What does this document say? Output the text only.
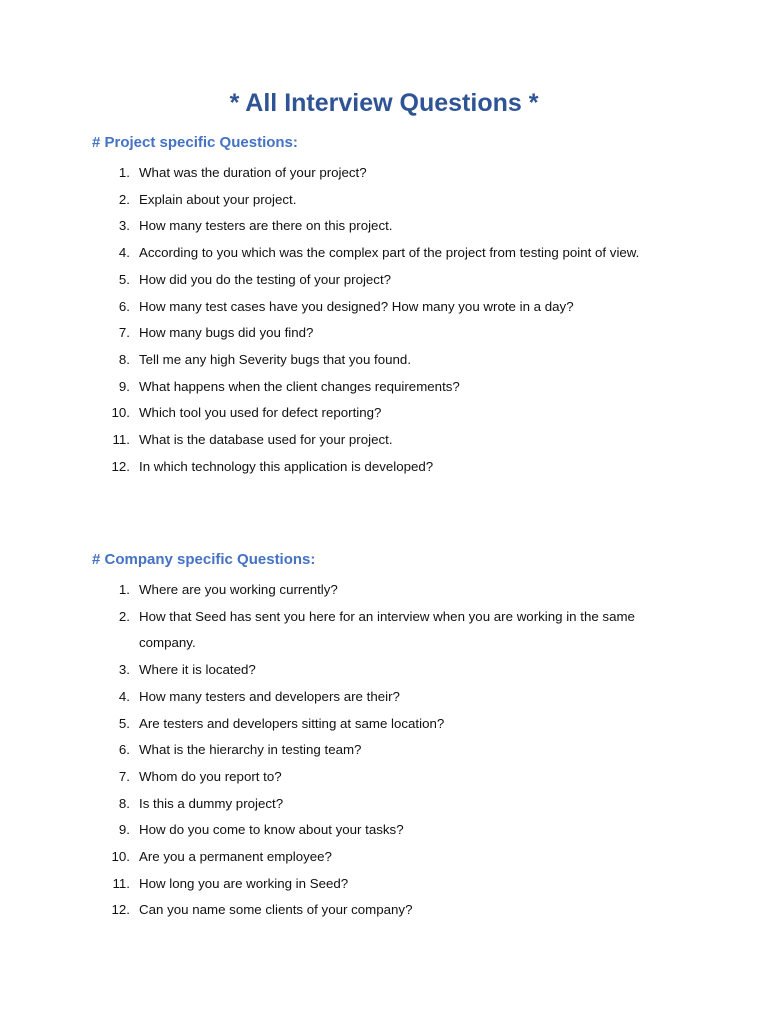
* All Interview Questions *
# Project specific Questions:
1. What was the duration of your project?
2. Explain about your project.
3. How many testers are there on this project.
4. According to you which was the complex part of the project from testing point of view.
5. How did you do the testing of your project?
6. How many test cases have you designed? How many you wrote in a day?
7. How many bugs did you find?
8. Tell me any high Severity bugs that you found.
9. What happens when the client changes requirements?
10. Which tool you used for defect reporting?
11. What is the database used for your project.
12. In which technology this application is developed?
# Company specific Questions:
1. Where are you working currently?
2. How that Seed has sent you here for an interview when you are working in the same company.
3. Where it is located?
4. How many testers and developers are their?
5. Are testers and developers sitting at same location?
6. What is the hierarchy in testing team?
7. Whom do you report to?
8. Is this a dummy project?
9. How do you come to know about your tasks?
10. Are you a permanent employee?
11. How long you are working in Seed?
12. Can you name some clients of your company?
